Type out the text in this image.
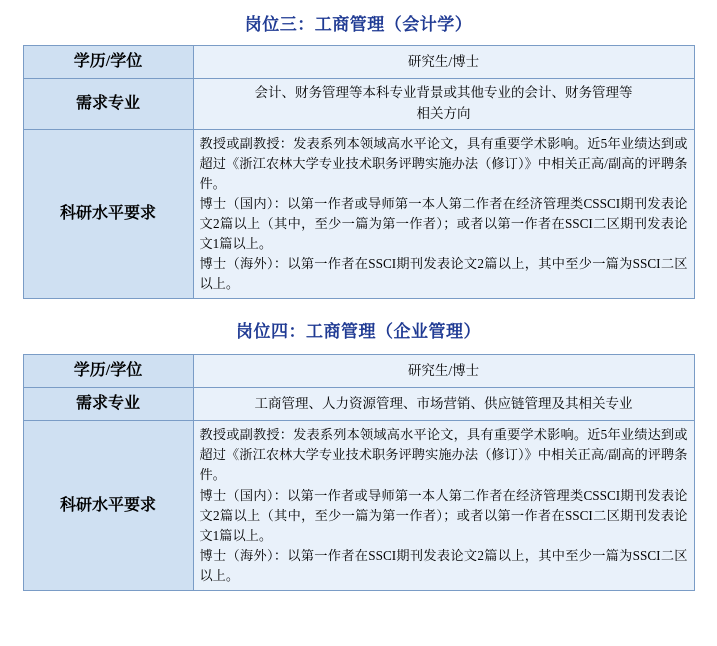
岗位三：工商管理（会计学）
学历/学位	研究生/博士
需求专业	会计、财务管理等本科专业背景或其他专业的会计、财务管理等
相关方向

科研水平要求	教授或副教授：发表系列本领域高水平论文，具有重要学术影响。近5年业绩达到或超过《浙江农林大学专业技术职务评聘实施办法（修订）》中相关正高/副高的评聘条件。

博士（国内）：以第一作者或导师第一本人第二作者在经济管理类CSSCI期刊发表论文2篇以上（其中，至少一篇为第一作者）；或者以第一作者在SSCI二区期刊发表论文1篇以上。

博士（海外）：以第一作者在SSCI期刊发表论文2篇以上，其中至少一篇为SSCI二区以上。

岗位四：工商管理（企业管理）
学历/学位	研究生/博士
需求专业	工商管理、人力资源管理、市场营销、供应链管理及其相关专业
科研水平要求	教授或副教授：发表系列本领域高水平论文，具有重要学术影响。近5年业绩达到或超过《浙江农林大学专业技术职务评聘实施办法（修订）》中相关正高/副高的评聘条件。

博士（国内）：以第一作者或导师第一本人第二作者在经济管理类CSSCI期刊发表论文2篇以上（其中，至少一篇为第一作者）；或者以第一作者在SSCI二区期刊发表论文1篇以上。

博士（海外）：以第一作者在SSCI期刊发表论文2篇以上，其中至少一篇为SSCI二区以上。
